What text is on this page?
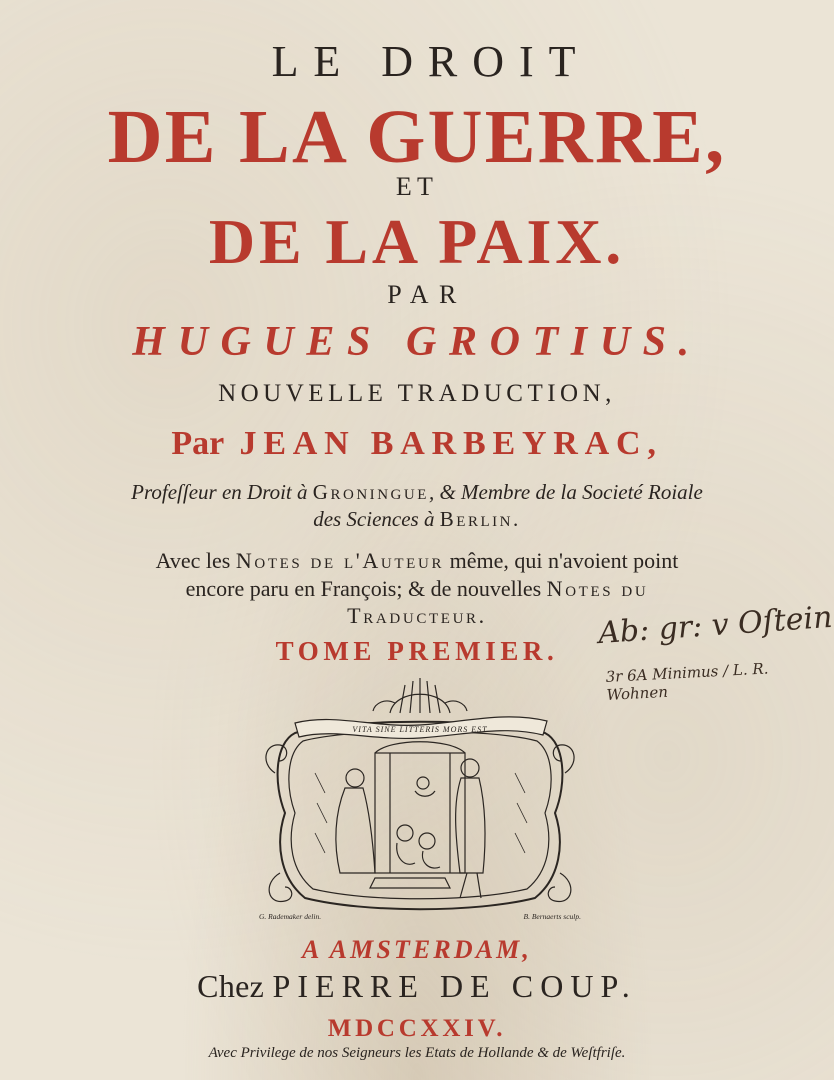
LE DROIT
DE LA GUERRE,
ET
DE LA PAIX.
PAR
HUGUES GROTIUS.
NOUVELLE TRADUCTION,
Par JEAN BARBEYRAC,
Profeſſeur en Droit à Groningue, & Membre de la Societé Roiale
des Sciences à Berlin.
Avec les Notes de l'Auteur même, qui n'avoient point
encore paru en François; & de nouvelles Notes du
Traducteur.
TOME PREMIER.	Ab: gr: v Oſtein
3r 6A Minimus / L. R. Wohnen
VITA SINE LITTERIS MORS EST
G. Rademaker delin.	B. Bernaerts sculp.
A AMSTERDAM,
Chez PIERRE DE COUP.
MDCCXXIV.
Avec Privilege de nos Seigneurs les Etats de Hollande & de Weſtfriſe.
